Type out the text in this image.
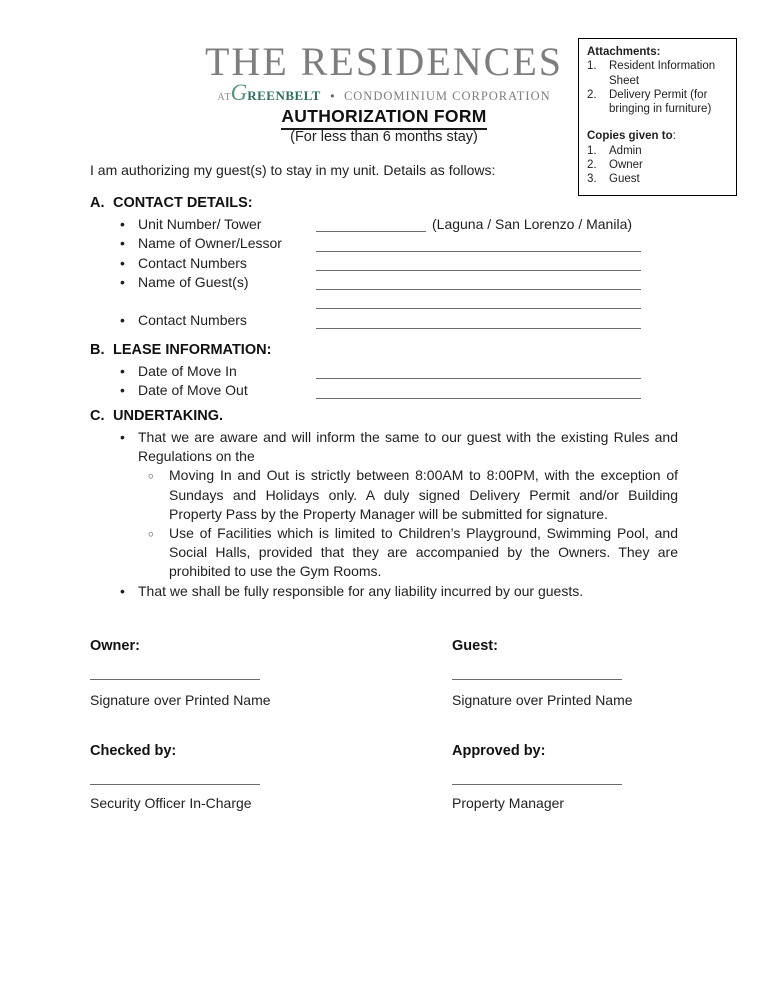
THE RESIDENCES
ATGREENBELT • CONDOMINIUM CORPORATION
AUTHORIZATION FORM
(For less than 6 months stay)
Attachments:
1.	Resident Information Sheet
2.	Delivery Permit (for bringing in furniture)
Copies given to:
1.	Admin
2.	Owner
3.	Guest
I am authorizing my guest(s) to stay in my unit. Details as follows:
A. CONTACT DETAILS:
•
Unit Number/ Tower	(Laguna / San Lorenzo / Manila)
•
Name of Owner/Lessor
•
Contact Numbers
•
Name of Guest(s)
•
Contact Numbers
B. LEASE INFORMATION:
•
Date of Move In
•
Date of Move Out
C. UNDERTAKING.
•
That we are aware and will inform the same to our guest with the existing Rules and Regulations on the
○
Moving In and Out is strictly between 8:00AM to 8:00PM, with the exception of Sundays and Holidays only. A duly signed Delivery Permit and/or Building Property Pass by the Property Manager will be submitted for signature.
○
Use of Facilities which is limited to Children’s Playground, Swimming Pool, and Social Halls, provided that they are accompanied by the Owners. They are prohibited to use the Gym Rooms.
•
That we shall be fully responsible for any liability incurred by our guests.
Owner:	Guest:
Signature over Printed Name	Signature over Printed Name
Checked by:	Approved by:
Security Officer In-Charge	Property Manager
